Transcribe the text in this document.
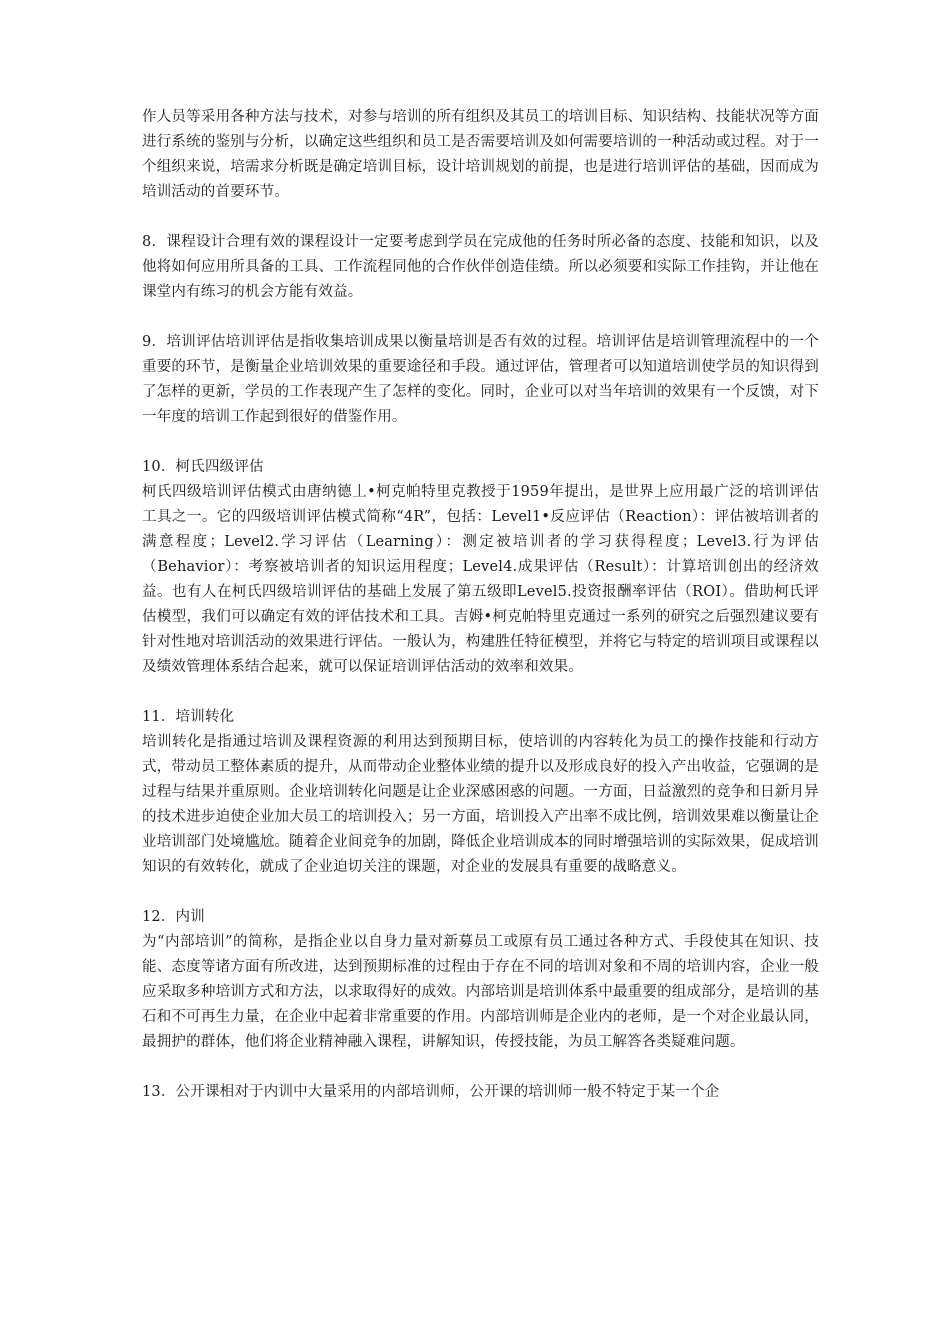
作人员等采用各种方法与技术，对参与培训的所有组织及其员工的培训目标、知识结构、技能状况等方面进行系统的鉴别与分析，以确定这些组织和员工是否需要培训及如何需要培训的一种活动或过程。对于一个组织来说，培需求分析既是确定培训目标，设计培训规划的前提，也是进行培训评估的基础，因而成为培训活动的首要环节。

8．课程设计合理有效的课程设计一定要考虑到学员在完成他的任务时所必备的态度、技能和知识，以及他将如何应用所具备的工具、工作流程同他的合作伙伴创造佳绩。所以必须要和实际工作挂钩，并让他在课堂内有练习的机会方能有效益。

9．培训评估培训评估是指收集培训成果以衡量培训是否有效的过程。培训评估是培训管理流程中的一个重要的环节，是衡量企业培训效果的重要途径和手段。通过评估，管理者可以知道培训使学员的知识得到了怎样的更新，学员的工作表现产生了怎样的变化。同时，企业可以对当年培训的效果有一个反馈，对下一年度的培训工作起到很好的借鉴作用。

10．柯氏四级评估

柯氏四级培训评估模式由唐纳德丄•柯克帕特里克教授于1959年提出，是世界上应用最广泛的培训评估工具之一。它的四级培训评估模式简称“4R”，包括：Level1•反应评估（Reaction）：评估被培训者的满意程度；Level2.学习评估（Learning）：测定被培训者的学习获得程度；Level3.行为评估（Behavior）：考察被培训者的知识运用程度；Level4.成果评估（Result）：计算培训创出的经济效益。也有人在柯氏四级培训评估的基础上发展了第五级即Level5.投资报酬率评估（ROI）。借助柯氏评估模型，我们可以确定有效的评估技术和工具。吉姆•柯克帕特里克通过一系列的研究之后强烈建议要有针对性地对培训活动的效果进行评估。一般认为，构建胜任特征模型，并将它与特定的培训项目或课程以及绩效管理体系结合起来，就可以保证培训评估活动的效率和效果。

11．培训转化

培训转化是指通过培训及课程资源的利用达到预期目标，使培训的内容转化为员工的操作技能和行动方式，带动员工整体素质的提升，从而带动企业整体业绩的提升以及形成良好的投入产出收益，它强调的是过程与结果并重原则。企业培训转化问题是让企业深感困惑的问题。一方面，日益激烈的竞争和日新月异的技术进步迫使企业加大员工的培训投入；另一方面，培训投入产出率不成比例，培训效果难以衡量让企业培训部门处境尴尬。随着企业间竞争的加剧，降低企业培训成本的同时增强培训的实际效果，促成培训知识的有效转化，就成了企业迫切关注的课题，对企业的发展具有重要的战略意义。

12．内训

为“内部培训”的简称，是指企业以自身力量对新募员工或原有员工通过各种方式、手段使其在知识、技能、态度等诸方面有所改进，达到预期标准的过程由于存在不同的培训对象和不周的培训内容，企业一般应采取多种培训方式和方法，以求取得好的成效。内部培训是培训体系中最重要的组成部分，是培训的基石和不可再生力量，在企业中起着非常重要的作用。内部培训师是企业内的老师，是一个对企业最认同，最拥护的群体，他们将企业精神融入课程，讲解知识，传授技能，为员工解答各类疑难问题。

13．公开课相对于内训中大量采用的内部培训师，公开课的培训师一般不特定于某一个企
